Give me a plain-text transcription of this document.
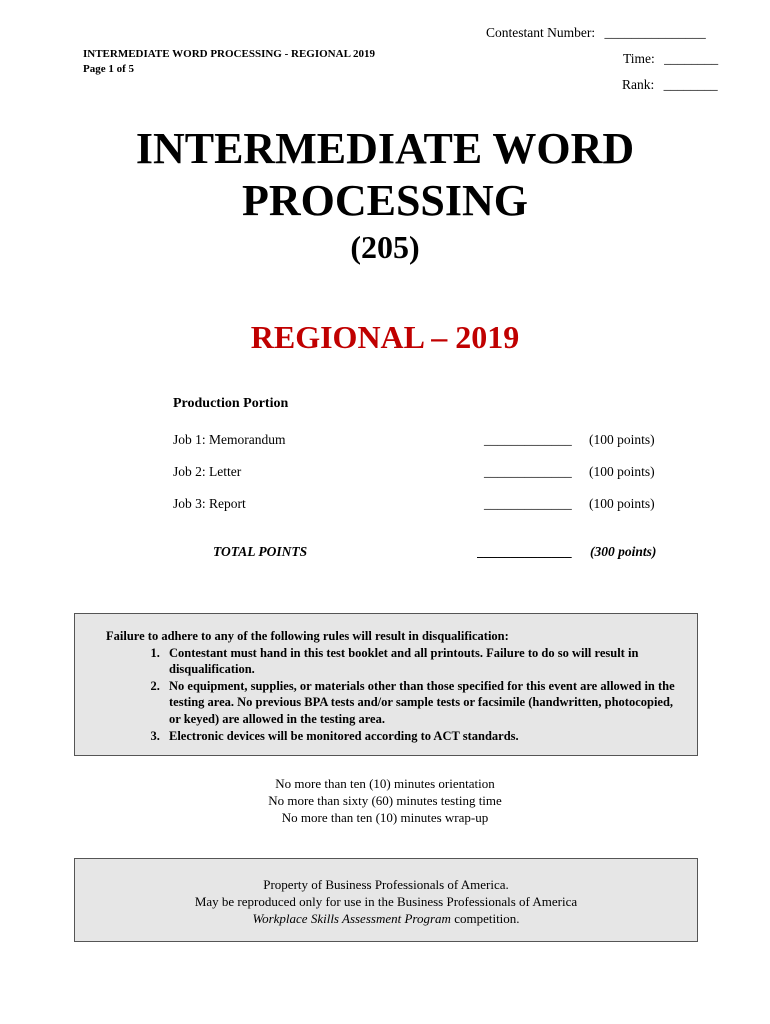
Contestant Number: _______________
INTERMEDIATE WORD PROCESSING - REGIONAL 2019
Page 1 of 5
Time: ________
Rank: ________
INTERMEDIATE WORD
PROCESSING
(205)
REGIONAL – 2019
Production Portion
Job 1: Memorandum	_____________ (100 points)
Job 2: Letter	_____________ (100 points)
Job 3: Report	_____________ (100 points)
TOTAL POINTS	______________ (300 points)
Failure to adhere to any of the following rules will result in disqualification:
1. Contestant must hand in this test booklet and all printouts. Failure to do so will result in disqualification.
2. No equipment, supplies, or materials other than those specified for this event are allowed in the testing area. No previous BPA tests and/or sample tests or facsimile (handwritten, photocopied, or keyed) are allowed in the testing area.
3. Electronic devices will be monitored according to ACT standards.
No more than ten (10) minutes orientation
No more than sixty (60) minutes testing time
No more than ten (10) minutes wrap-up
Property of Business Professionals of America.
May be reproduced only for use in the Business Professionals of America
Workplace Skills Assessment Program competition.
